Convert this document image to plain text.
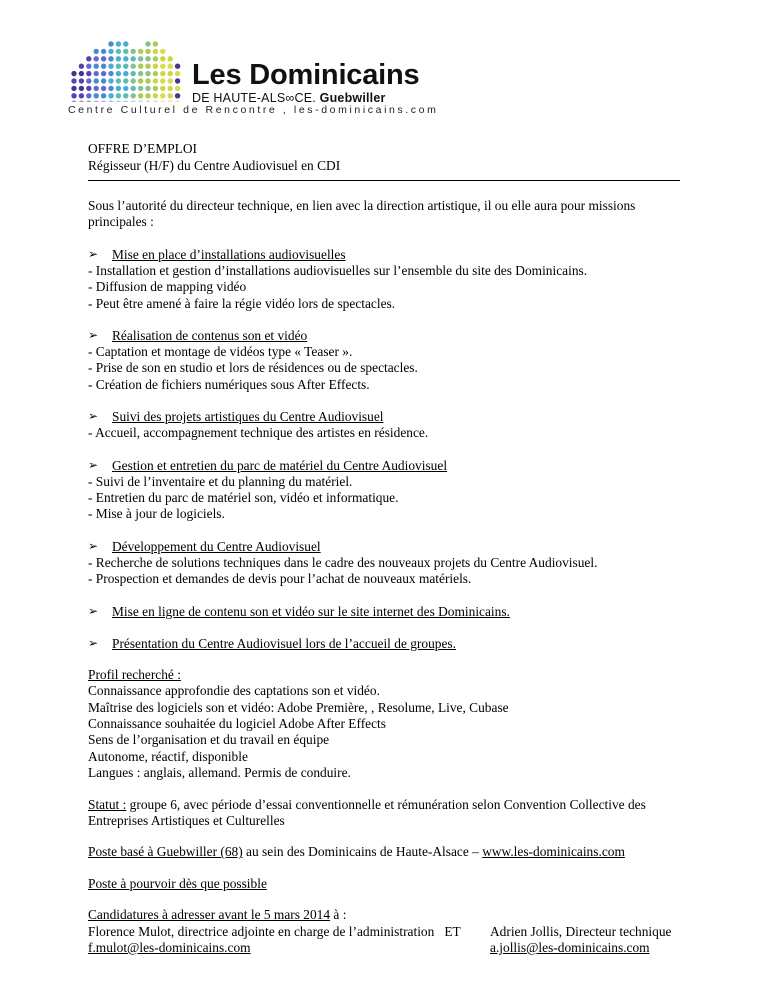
Les Dominicains
DE HAUTE-ALS∞CE. Guebwiller
Centre Culturel de Rencontre , les-dominicains.com
OFFRE D’EMPLOI
Régisseur (H/F) du Centre Audiovisuel en CDI

Sous l’autorité du directeur technique, en lien avec la direction artistique, il ou elle aura pour missions principales :

➢	Mise en place d’installations audiovisuelles

- Installation et gestion d’installations audiovisuelles sur l’ensemble du site des Dominicains.

- Diffusion de mapping vidéo

- Peut être amené à faire la régie vidéo lors de spectacles.

➢	Réalisation de contenus son et vidéo

- Captation et montage de vidéos type « Teaser ».

- Prise de son en studio et lors de résidences ou de spectacles.

- Création de fichiers numériques sous After Effects.

➢	Suivi des projets artistiques du Centre Audiovisuel

- Accueil, accompagnement technique des artistes en résidence.

➢	Gestion et entretien du parc de matériel du Centre Audiovisuel

- Suivi de l’inventaire et du planning du matériel.

- Entretien du parc de matériel son, vidéo et informatique.

- Mise à jour de logiciels.

➢	Développement du Centre Audiovisuel

- Recherche de solutions techniques dans le cadre des nouveaux projets du Centre Audiovisuel.

- Prospection et demandes de devis pour l’achat de nouveaux matériels.

➢	Mise en ligne de contenu son et vidéo sur le site internet des Dominicains.
➢	Présentation du Centre Audiovisuel lors de l’accueil de groupes.

Profil recherché :

Connaissance approfondie des captations son et vidéo.

Maîtrise des logiciels son et vidéo: Adobe Première, , Resolume, Live, Cubase

Connaissance souhaitée du logiciel Adobe After Effects

Sens de l’organisation et du travail en équipe

Autonome, réactif, disponible

Langues : anglais, allemand. Permis de conduire.

Statut : groupe 6, avec période d’essai conventionnelle et rémunération selon Convention Collective des Entreprises Artistiques et Culturelles

Poste basé à Guebwiller (68) au sein des Dominicains de Haute-Alsace – www.les-dominicains.com

Poste à pourvoir dès que possible

Candidatures à adresser avant le 5 mars 2014 à :

Florence Mulot, directrice adjointe en charge de l’administration   ET

f.mulot@les-dominicains.com

Adrien Jollis, Directeur technique

a.jollis@les-dominicains.com
